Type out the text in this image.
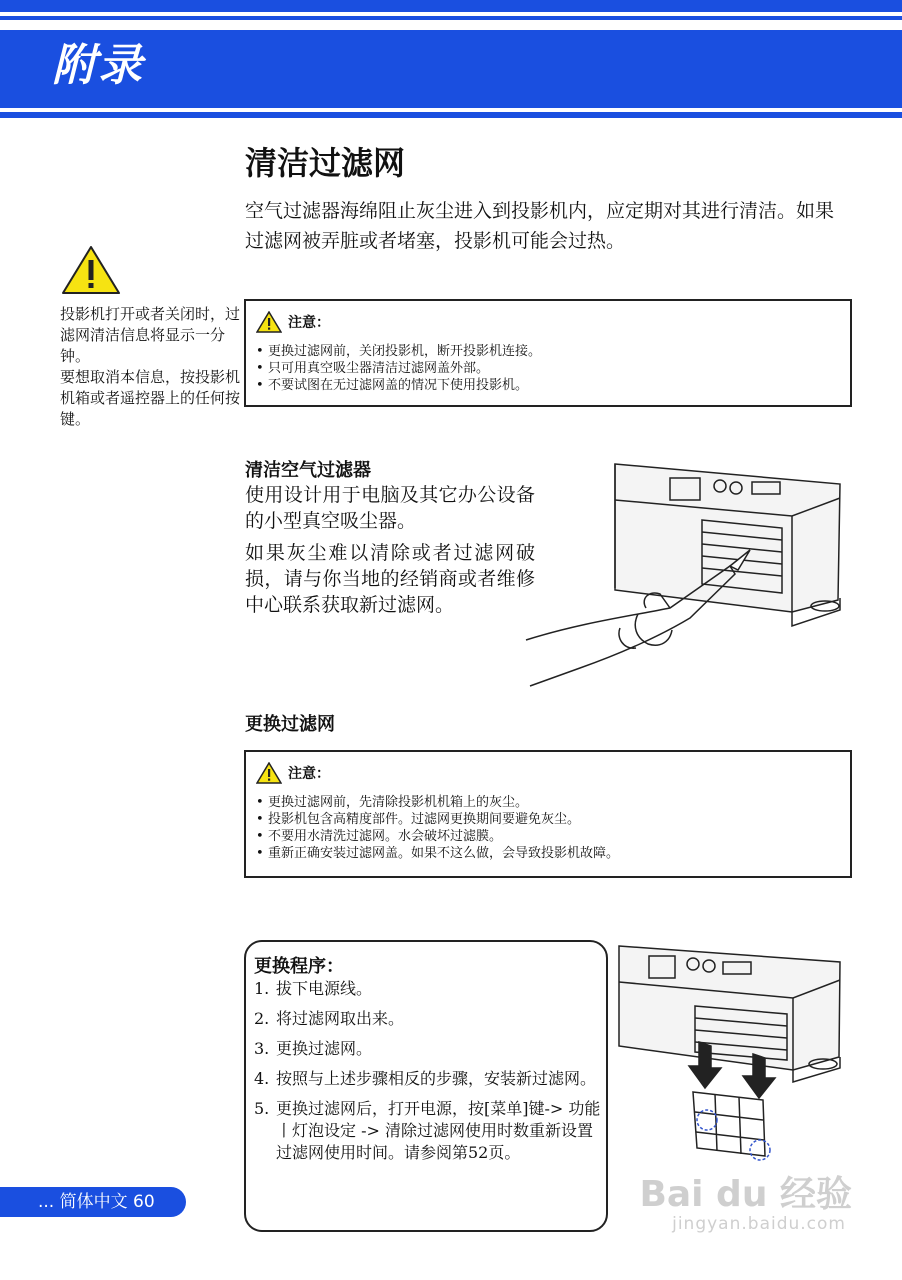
附录
清洁过滤网
空气过滤器海绵阻止灰尘进入到投影机内，应定期对其进行清洁。如果过滤网被弄脏或者堵塞，投影机可能会过热。
投影机打开或者关闭时，过滤网清洁信息将显示一分钟。
要想取消本信息，按投影机机箱或者遥控器上的任何按键。
注意：
• 更换过滤网前，关闭投影机，断开投影机连接。
• 只可用真空吸尘器清洁过滤网盖外部。
• 不要试图在无过滤网盖的情况下使用投影机。
清洁空气过滤器
使用设计用于电脑及其它办公设备的小型真空吸尘器。
如果灰尘难以清除或者过滤网破损，请与你当地的经销商或者维修中心联系获取新过滤网。
更换过滤网
注意：
• 更换过滤网前，先清除投影机机箱上的灰尘。
• 投影机包含高精度部件。过滤网更换期间要避免灰尘。
• 不要用水清洗过滤网。水会破坏过滤膜。
• 重新正确安装过滤网盖。如果不这么做，会导致投影机故障。
更换程序：
1. 拔下电源线。
2. 将过滤网取出来。
3. 更换过滤网。
4. 按照与上述步骤相反的步骤，安装新过滤网。
5. 更换过滤网后，打开电源，按[菜单]键-> 功能丨灯泡设定 -> 清除过滤网使用时数重新设置过滤网使用时间。请参阅第52页。
... 简体中文 60	Bai du 经验
jingyan.baidu.com
